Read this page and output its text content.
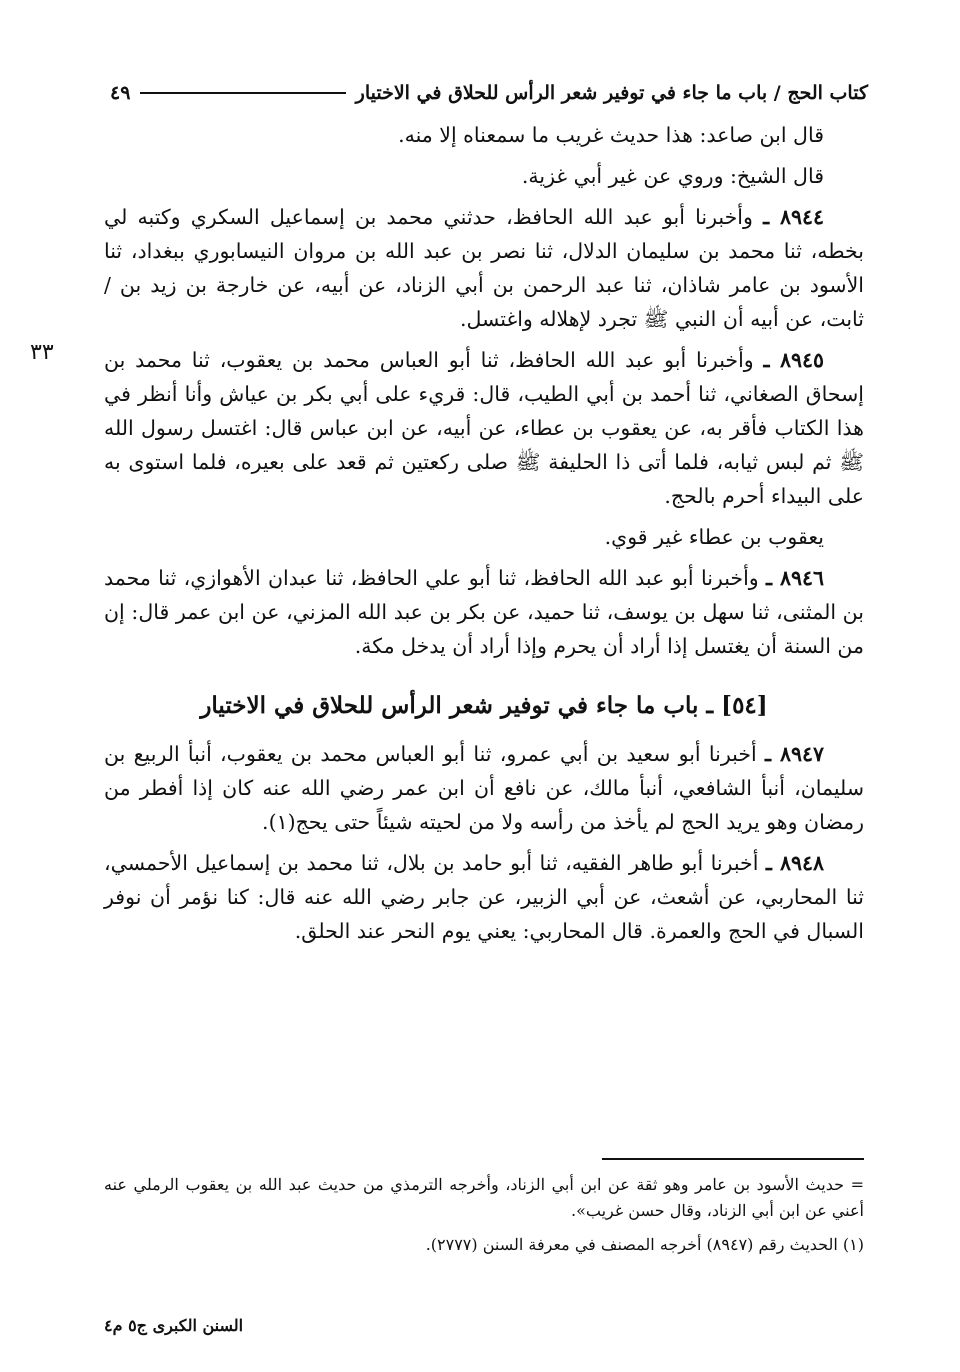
كتاب الحج / باب ما جاء في توفير شعر الرأس للحلاق في الاختيار
٤٩
٣٣

قال ابن صاعد: هذا حديث غريب ما سمعناه إلا منه.

قال الشيخ: وروي عن غير أبي غزية.

٨٩٤٤ ـ وأخبرنا أبو عبد الله الحافظ، حدثني محمد بن إسماعيل السكري وكتبه لي بخطه، ثنا محمد بن سليمان الدلال، ثنا نصر بن عبد الله بن مروان النيسابوري ببغداد، ثنا الأسود بن عامر شاذان، ثنا عبد الرحمن بن أبي الزناد، عن أبيه، عن خارجة بن زيد بن / ثابت، عن أبيه أن النبي ﷺ تجرد لإهلاله واغتسل.

٨٩٤٥ ـ وأخبرنا أبو عبد الله الحافظ، ثنا أبو العباس محمد بن يعقوب، ثنا محمد بن إسحاق الصغاني، ثنا أحمد بن أبي الطيب، قال: قريء على أبي بكر بن عياش وأنا أنظر في هذا الكتاب فأقر به، عن يعقوب بن عطاء، عن أبيه، عن ابن عباس قال: اغتسل رسول الله ﷺ ثم لبس ثيابه، فلما أتى ذا الحليفة ﷺ صلى ركعتين ثم قعد على بعيره، فلما استوى به على البيداء أحرم بالحج.

يعقوب بن عطاء غير قوي.

٨٩٤٦ ـ وأخبرنا أبو عبد الله الحافظ، ثنا أبو علي الحافظ، ثنا عبدان الأهوازي، ثنا محمد بن المثنى، ثنا سهل بن يوسف، ثنا حميد، عن بكر بن عبد الله المزني، عن ابن عمر قال: إن من السنة أن يغتسل إذا أراد أن يحرم وإذا أراد أن يدخل مكة.

[٥٤] ـ باب ما جاء في توفير شعر الرأس للحلاق في الاختيار

٨٩٤٧ ـ أخبرنا أبو سعيد بن أبي عمرو، ثنا أبو العباس محمد بن يعقوب، أنبأ الربيع بن سليمان، أنبأ الشافعي، أنبأ مالك، عن نافع أن ابن عمر رضي الله عنه كان إذا أفطر من رمضان وهو يريد الحج لم يأخذ من رأسه ولا من لحيته شيئاً حتى يحج(١).

٨٩٤٨ ـ أخبرنا أبو طاهر الفقيه، ثنا أبو حامد بن بلال، ثنا محمد بن إسماعيل الأحمسي، ثنا المحاربي، عن أشعث، عن أبي الزبير، عن جابر رضي الله عنه قال: كنا نؤمر أن نوفر السبال في الحج والعمرة. قال المحاربي: يعني يوم النحر عند الحلق.

= حديث الأسود بن عامر وهو ثقة عن ابن أبي الزناد، وأخرجه الترمذي من حديث عبد الله بن يعقوب الرملي عنه أعني عن ابن أبي الزناد، وقال حسن غريب».

(١) الحديث رقم (٨٩٤٧) أخرجه المصنف في معرفة السنن (٢٧٧٧).

السنن الكبرى ج٥ م٤
